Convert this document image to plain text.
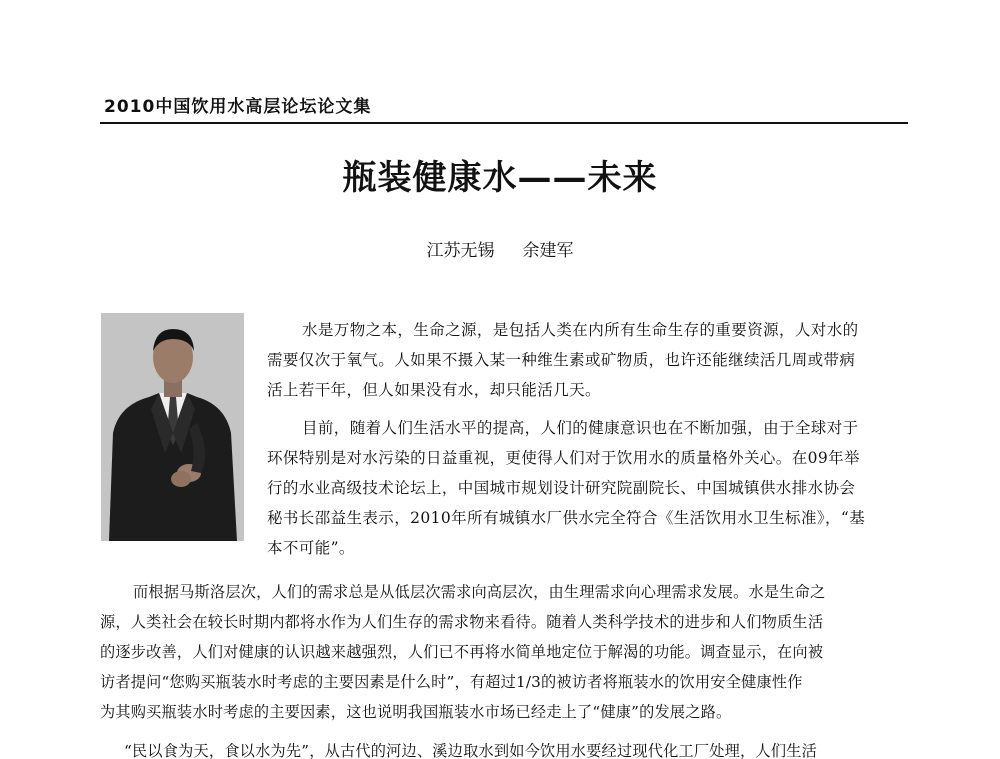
2010中国饮用水高层论坛论文集
瓶装健康水——未来
江苏无锡 余建军
水是万物之本，生命之源，是包括人类在内所有生命生存的重要资源，人对水的
需要仅次于氧气。人如果不摄入某一种维生素或矿物质，也许还能继续活几周或带病
活上若干年，但人如果没有水，却只能活几天。
目前，随着人们生活水平的提高，人们的健康意识也在不断加强，由于全球对于
环保特别是对水污染的日益重视，更使得人们对于饮用水的质量格外关心。在09年举
行的水业高级技术论坛上，中国城市规划设计研究院副院长、中国城镇供水排水协会
秘书长邵益生表示，2010年所有城镇水厂供水完全符合《生活饮用水卫生标准》，“基
本不可能”。
而根据马斯洛层次，人们的需求总是从低层次需求向高层次，由生理需求向心理需求发展。水是生命之
源，人类社会在较长时期内都将水作为人们生存的需求物来看待。随着人类科学技术的进步和人们物质生活
的逐步改善，人们对健康的认识越来越强烈，人们已不再将水简单地定位于解渴的功能。调查显示，在向被
访者提问“您购买瓶装水时考虑的主要因素是什么时”，有超过1/3的被访者将瓶装水的饮用安全健康性作
为其购买瓶装水时考虑的主要因素，这也说明我国瓶装水市场已经走上了“健康”的发展之路。
“民以食为天，食以水为先”，从古代的河边、溪边取水到如今饮用水要经过现代化工厂处理，人们生活
